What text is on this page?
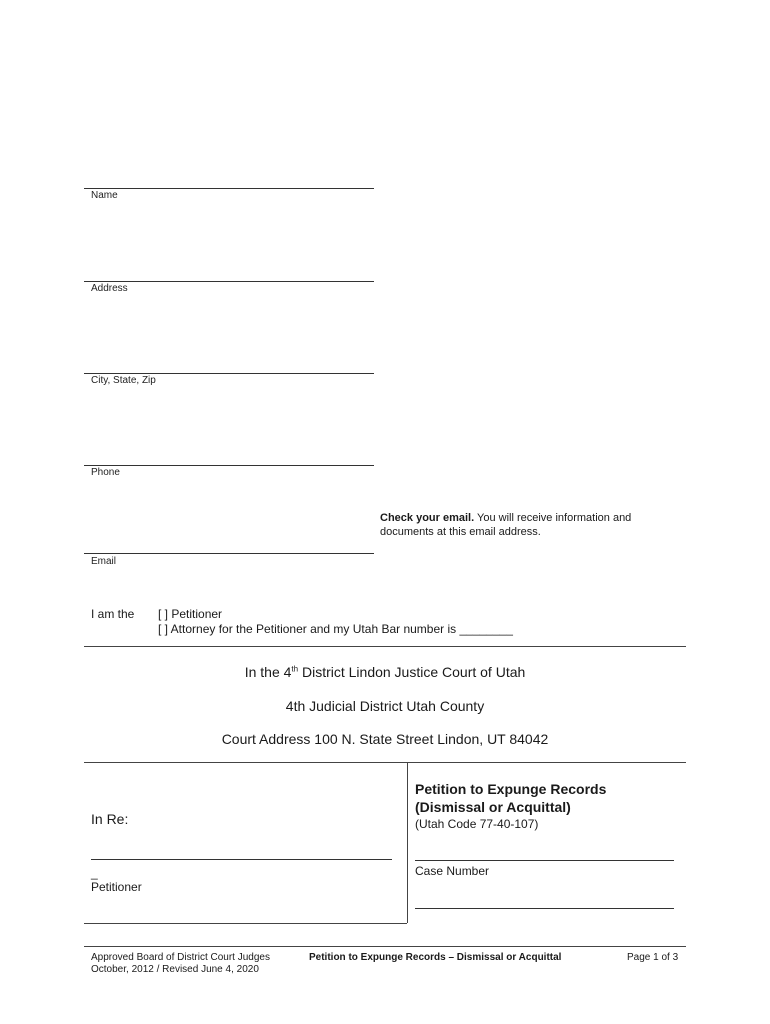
Name
Address
City, State, Zip
Phone
Email
Check your email. You will receive information and
documents at this email address.
I am the [ ] Petitioner
[ ] Attorney for the Petitioner and my Utah Bar number is ________
In the 4th District Lindon Justice Court of Utah
4th Judicial District Utah County
Court Address 100 N. State Street Lindon, UT 84042
In Re:
_
Petitioner
Petition to Expunge Records
(Dismissal or Acquittal)
(Utah Code 77-40-107)
Case Number
Approved Board of District Court Judges
October, 2012 / Revised June 4, 2020
Petition to Expunge Records – Dismissal or Acquittal	Page 1 of 3
